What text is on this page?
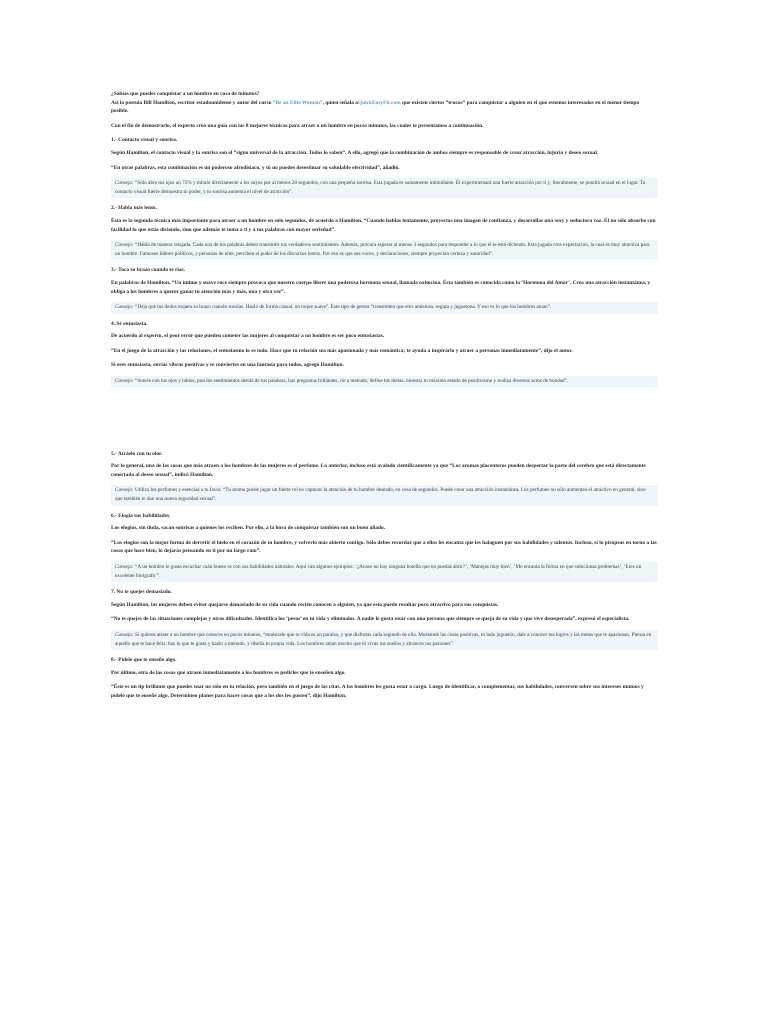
¿Sabías que puedes conquistar a un hombre en cosa de minutos?

Así lo postula Bill Hamilton, escritor estadounidense y autor del curso “Be an Elite Woman”, quien señala aQuickEasyFit.com que existen ciertos “trucos” para conquistar a alguien en el que estemos interesados en el menor tiempo posible.

Con el fin de demostrarlo, el experto creó una guía con las 8 mejores técnicas para atraer a un hombre en pocos minutos, las cuales te presentamos a continuación.

1.- Contacto visual y sonrisa.

Según Hamilton, el contacto visual y la sonrisa son el “signo universal de la atracción. Todos lo saben”. A ello, agregó que la combinación de ambos siempre es responsable de crear atracción, lujuria y deseo sexual.

“En otras palabras, esta combinación es un poderoso afrodisíaco, y tú no puedes desestimar su saludable efectividad”, añadió.

Consejo: “Sólo abre tus ojos un 75% y míralo directamente a los suyos por al menos 20 segundos, con una pequeña sonrisa. Esta jugada es sumamente intimidante. Él experimentará una fuerte atracción por ti y, literalmente, se pondrá sexual en el lugar. Tu contacto visual fuerte demuestra tu poder, y tu sonrisa aumenta el nivel de atracción”.

2.- Habla más lento.

Ésta es la segunda técnica más importante para atraer a un hombre en sólo segundos, de acuerdo a Hamilton. “Cuando hablas lentamente, proyectas una imagen de confianza, y desarrollas una sexy y seductora voz. Él no sólo absorbe con facilidad lo que estás diciendo, sino que además te toma a ti y a tus palabras con mayor seriedad”.

Consejo: “Habla de manera relajada. Cada una de tus palabras deben transmitir tus verdaderos sentimientos. Además, procura esperar al menos 3 segundos para responder a lo que él te está diciendo. Esta jugada crea expectación, la cual es muy atractiva para un hombre. Famosos líderes políticos, y personas de elite, perciben el poder de los discursos lentos. Por eso es que sus voces, y declaraciones, siempre proyectan certeza y autoridad”.

3.- Toca su brazo cuando te rías.

En palabras de Hamilton, “Un íntimo y suave roce siempre provoca que nuestro cuerpo libere una poderosa hormona sexual, llamada oxitocina. Ésta también es conocida como la ‘Hormona del Amor’. Crea una atracción instantánea, y obliga a los hombres a querer ganar tu atención más y más, una y otra vez”.

Consejo: “Deja que tus dedos toquen su brazo cuando sonrías. Hazlo de forma casual, un toque suave”. Éste tipo de gestos “transmiten que eres amistosa, segura y juguetona. Y eso es lo que los hombres aman”.

4. Sé entusiasta.

De acuerdo al experto, el peor error que pueden cometer las mujeres al conquistar a un hombre es ser poco entusiastas.

“En el juego de la atracción y las relaciones, el entusiasmo lo es todo. Hace que tu relación sea más apasionada y más romántica; te ayuda a inspirarlo y atraer a personas inmediatamente”, dijo el autor.

Si eres entusiasta, envías vibras positivas y te conviertes en una fantasía para todos, agregó Hamilton.

Consejo: “Sonríe con tus ojos y labios, pon los sentimientos detrás de tus palabras, haz preguntas brillantes, ríe a menudo, define tus metas, muestra tu máximo estado de positivismo y realiza diversos actos de bondad”.

5.- Atráelo con tu olor.

Por lo general, una de las cosas que más atraen a los hombres de las mujeres es el perfume. Lo anterior, incluso está avalado científicamente ya que “Los aromas placenteros pueden despertar la parte del cerebro que está directamente conectada al deseo sexual”, indicó Hamilton.

Consejo: Utiliza los perfumes y esencias a tu favor. “Tu aroma puede jugar un fuerte rol en capturar la atención de tu hombre deseado, en cosa de segundos. Puede crear una atracción instantánea. Los perfumes no sólo aumentan el atractivo en general, sino que también te dan una nueva seguridad sexual”.

6.- Elogia sus habilidades.

Los elogios, sin duda, sacan sonrisas a quienes los reciben. Por ello, a la hora de conquistar también son un buen aliado.

“Los elogios son la mejor forma de derretir el hielo en el corazón de tu hombre, y volverlo más abierto contigo. Sólo debes recordar que a ellos les encanta que les halaguen por sus habilidades y talentos. Incluso, si lo piropeas en torno a las cosas que hace bien, lo dejarás pensando en ti por un largo rato”.

Consejo: “A un hombre le gusta escuchar cuán bueno es con sus habilidades naturales. Aquí van algunos ejemplos: ‘¿Acaso no hay ninguna botella que no puedas abrir?’, ‘Manejas muy bien’, ‘Me encanta la forma en que solucionas problemas’, ‘Eres un excelente fotógrafo’”.

7. No te quejes demasiado.

Según Hamilton, las mujeres deben evitar quejarse demasiado de su vida cuando recién conocen a alguien, ya que esto puede resultar poco atractivo para sus conquistas.

“No te quejes de las situaciones complejas y otras dificultades. Identifica los ‘pesos’ en tu vida y elimínalos. A nadie le gusta estar con una persona que siempre se queja de su vida y que vive desesperada”, expresó el especialista.

Consejo: Si quieres atraer a un hombre que conoces en pocos minutos, “muéstrale que tu vida es un paraíso, y que disfrutas cada segundo de ella. Muéstrale las cosas positivas, tu lado juguetón, dale a conocer tus logros y las metas que te apasionan. Piensa en aquello que te hace feliz, haz lo que te gusta y hazlo a menudo, y diseña tu propia vida. Los hombres aman mucho que tú vivas tus sueños y alcances tus pasiones”.

8.- Pídele que te enseñe algo.

Por último, otra de las cosas que atraen inmediatamente a los hombres es pedirles que te enseñen algo.

“Éste es un tip brillante que puedes usar no sólo en tu relación, pero también en el juego de las citas. A los hombres les gusta estar a cargo. Luego de identificar, o complementar, sus habilidades, conversen sobre sus intereses mutuos y pídele que te enseñe algo. Determinen planes para hacer cosas que a los dos les gusten”, dijo Hamilton.
